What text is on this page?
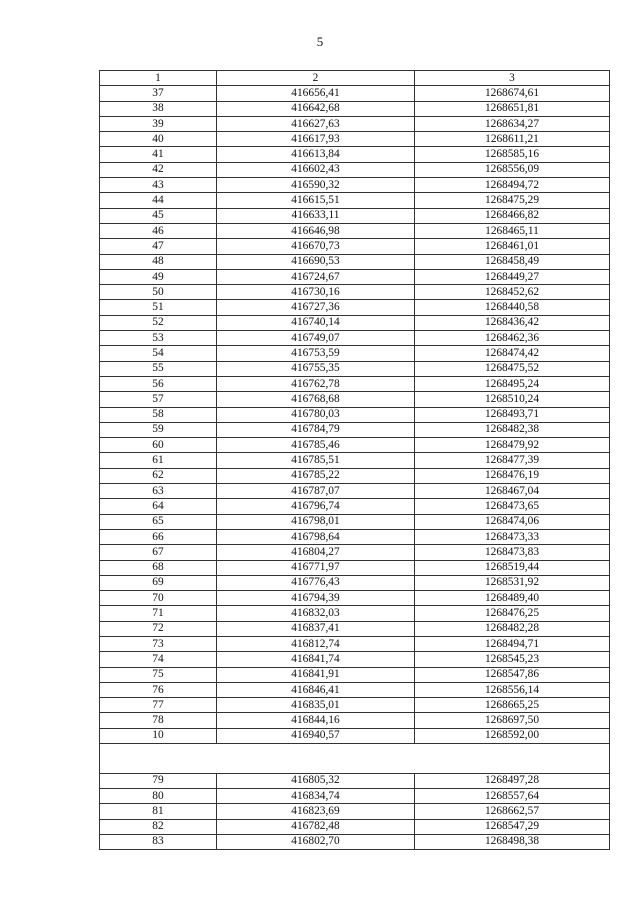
5
1	2	3
37	416656,41	1268674,61
38	416642,68	1268651,81
39	416627,63	1268634,27
40	416617,93	1268611,21
41	416613,84	1268585,16
42	416602,43	1268556,09
43	416590,32	1268494,72
44	416615,51	1268475,29
45	416633,11	1268466,82
46	416646,98	1268465,11
47	416670,73	1268461,01
48	416690,53	1268458,49
49	416724,67	1268449,27
50	416730,16	1268452,62
51	416727,36	1268440,58
52	416740,14	1268436,42
53	416749,07	1268462,36
54	416753,59	1268474,42
55	416755,35	1268475,52
56	416762,78	1268495,24
57	416768,68	1268510,24
58	416780,03	1268493,71
59	416784,79	1268482,38
60	416785,46	1268479,92
61	416785,51	1268477,39
62	416785,22	1268476,19
63	416787,07	1268467,04
64	416796,74	1268473,65
65	416798,01	1268474,06
66	416798,64	1268473,33
67	416804,27	1268473,83
68	416771,97	1268519,44
69	416776,43	1268531,92
70	416794,39	1268489,40
71	416832,03	1268476,25
72	416837,41	1268482,28
73	416812,74	1268494,71
74	416841,74	1268545,23
75	416841,91	1268547,86
76	416846,41	1268556,14
77	416835,01	1268665,25
78	416844,16	1268697,50
10	416940,57	1268592,00

79	416805,32	1268497,28
80	416834,74	1268557,64
81	416823,69	1268662,57
82	416782,48	1268547,29
83	416802,70	1268498,38
